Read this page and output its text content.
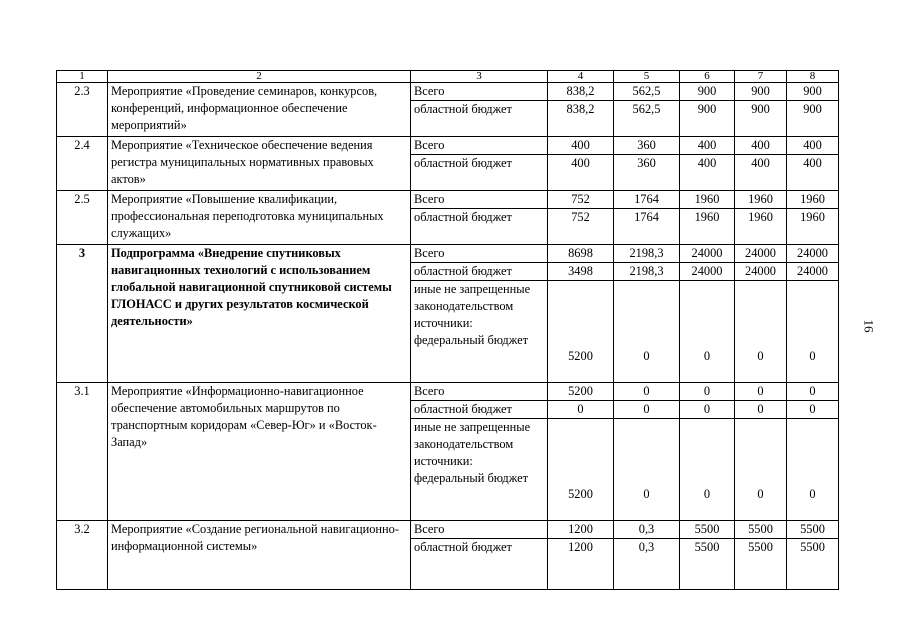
1	2	3	4	5	6	7	8
2.3	Мероприятие «Проведение семинаров, конкурсов, конференций, информационное обеспечение мероприятий»	Всего	838,2	562,5	900	900	900
		областной бюджет	838,2	562,5	900	900	900
2.4	Мероприятие «Техническое обеспечение ведения регистра муниципальных нормативных правовых актов»	Всего	400	360	400	400	400
		областной бюджет	400	360	400	400	400
2.5	Мероприятие «Повышение квалификации, профессиональная переподготовка муниципальных служащих»	Всего	752	1764	1960	1960	1960
		областной бюджет	752	1764	1960	1960	1960
3	Подпрограмма «Внедрение спутниковых навигационных технологий с использованием глобальной навигационной спутниковой системы ГЛОНАСС и других результатов космической деятельности»	Всего	8698	2198,3	24000	24000	24000
		областной бюджет	3498	2198,3	24000	24000	24000
		иные не запрещенные законодательством источники: федеральный бюджет	5200	0	0	0	0
3.1	Мероприятие «Информационно-навигационное обеспечение автомобильных маршрутов по транспортным коридорам «Север-Юг» и «Восток-Запад»	Всего	5200	0	0	0	0
		областной бюджет	0	0	0	0	0
		иные не запрещенные законодательством источники: федеральный бюджет	5200	0	0	0	0
3.2	Мероприятие «Создание региональной навигационно-информационной системы»	Всего	1200	0,3	5500	5500	5500
		областной бюджет	1200	0,3	5500	5500	5500
16
